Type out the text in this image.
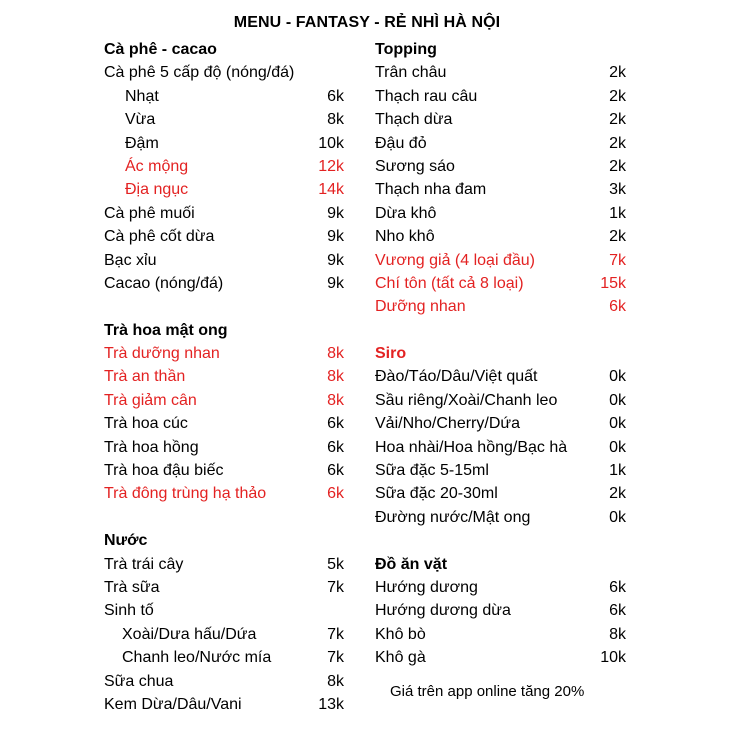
MENU - FANTASY - RẺ NHÌ HÀ NỘI
Cà phê - cacao
Cà phê 5 cấp độ (nóng/đá)
Nhạt	6k
Vừa	8k
Đậm	10k
Ác mộng	12k
Địa ngục	14k
Cà phê muối	9k
Cà phê cốt dừa	9k
Bạc xỉu	9k
Cacao (nóng/đá)	9k
Trà hoa mật ong
Trà dưỡng nhan	8k
Trà an thần	8k
Trà giảm cân	8k
Trà hoa cúc	6k
Trà hoa hồng	6k
Trà hoa đậu biếc	6k
Trà đông trùng hạ thảo	6k
Nước
Trà trái cây	5k
Trà sữa	7k
Sinh tố
Xoài/Dưa hấu/Dứa	7k
Chanh leo/Nước mía	7k
Sữa chua	8k
Kem Dừa/Dâu/Vani	13k
Topping
Trân châu	2k
Thạch rau câu	2k
Thạch dừa	2k
Đậu đỏ	2k
Sương sáo	2k
Thạch nha đam	3k
Dừa khô	1k
Nho khô	2k
Vương giả (4 loại đầu)	7k
Chí tôn (tất cả 8 loại)	15k
Dưỡng nhan	6k
Siro
Đào/Táo/Dâu/Việt quất	0k
Sầu riêng/Xoài/Chanh leo	0k
Vải/Nho/Cherry/Dứa	0k
Hoa nhài/Hoa hồng/Bạc hà	0k
Sữa đặc 5-15ml	1k
Sữa đặc 20-30ml	2k
Đường nước/Mật ong	0k
Đồ ăn vặt
Hướng dương	6k
Hướng dương dừa	6k
Khô bò	8k
Khô gà	10k
Giá trên app online tăng 20%
